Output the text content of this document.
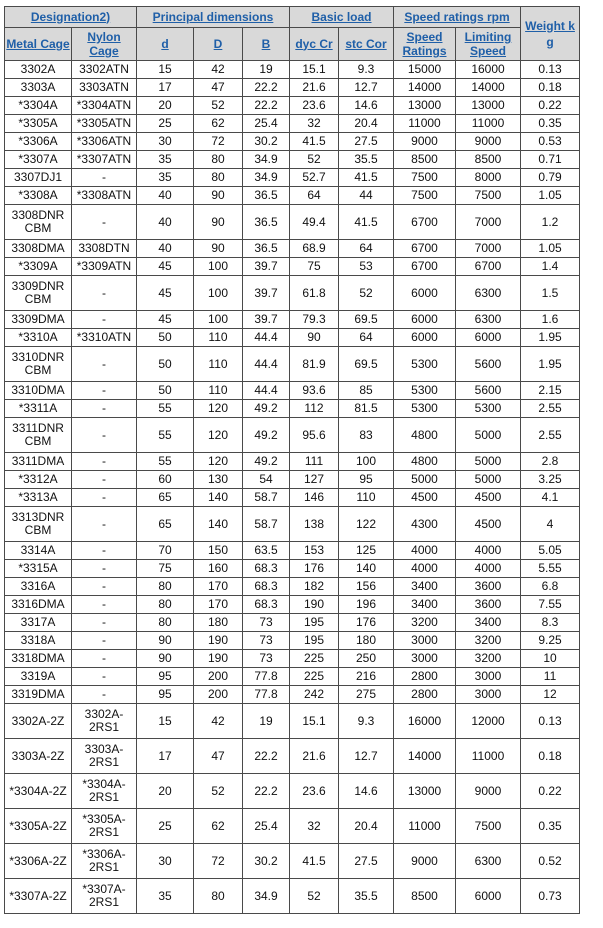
Designation2)		Principal dimensions			Basic load		Speed ratings rpm		Weight kg
Metal Cage	Nylon Cage	d	D	B	dyc Cr	stc Cor	Speed Ratings	Limiting Speed	
3302A	3302ATN	15	42	19	15.1	9.3	15000	16000	0.13
3303A	3303ATN	17	47	22.2	21.6	12.7	14000	14000	0.18
*3304A	*3304ATN	20	52	22.2	23.6	14.6	13000	13000	0.22
*3305A	*3305ATN	25	62	25.4	32	20.4	11000	11000	0.35
*3306A	*3306ATN	30	72	30.2	41.5	27.5	9000	9000	0.53
*3307A	*3307ATN	35	80	34.9	52	35.5	8500	8500	0.71
3307DJ1	-	35	80	34.9	52.7	41.5	7500	8000	0.79
*3308A	*3308ATN	40	90	36.5	64	44	7500	7500	1.05
3308DNR CBM	-	40	90	36.5	49.4	41.5	6700	7000	1.2
3308DMA	3308DTN	40	90	36.5	68.9	64	6700	7000	1.05
*3309A	*3309ATN	45	100	39.7	75	53	6700	6700	1.4
3309DNR CBM	-	45	100	39.7	61.8	52	6000	6300	1.5
3309DMA	-	45	100	39.7	79.3	69.5	6000	6300	1.6
*3310A	*3310ATN	50	110	44.4	90	64	6000	6000	1.95
3310DNR CBM	-	50	110	44.4	81.9	69.5	5300	5600	1.95
3310DMA	-	50	110	44.4	93.6	85	5300	5600	2.15
*3311A	-	55	120	49.2	112	81.5	5300	5300	2.55
3311DNR CBM	-	55	120	49.2	95.6	83	4800	5000	2.55
3311DMA	-	55	120	49.2	111	100	4800	5000	2.8
*3312A	-	60	130	54	127	95	5000	5000	3.25
*3313A	-	65	140	58.7	146	110	4500	4500	4.1
3313DNR CBM	-	65	140	58.7	138	122	4300	4500	4
3314A	-	70	150	63.5	153	125	4000	4000	5.05
*3315A	-	75	160	68.3	176	140	4000	4000	5.55
3316A	-	80	170	68.3	182	156	3400	3600	6.8
3316DMA	-	80	170	68.3	190	196	3400	3600	7.55
3317A	-	80	180	73	195	176	3200	3400	8.3
3318A	-	90	190	73	195	180	3000	3200	9.25
3318DMA	-	90	190	73	225	250	3000	3200	10
3319A	-	95	200	77.8	225	216	2800	3000	11
3319DMA	-	95	200	77.8	242	275	2800	3000	12
3302A-2Z	3302A-2RS1	15	42	19	15.1	9.3	16000	12000	0.13
3303A-2Z	3303A-2RS1	17	47	22.2	21.6	12.7	14000	11000	0.18
*3304A-2Z	*3304A-2RS1	20	52	22.2	23.6	14.6	13000	9000	0.22
*3305A-2Z	*3305A-2RS1	25	62	25.4	32	20.4	11000	7500	0.35
*3306A-2Z	*3306A-2RS1	30	72	30.2	41.5	27.5	9000	6300	0.52
*3307A-2Z	*3307A-2RS1	35	80	34.9	52	35.5	8500	6000	0.73
